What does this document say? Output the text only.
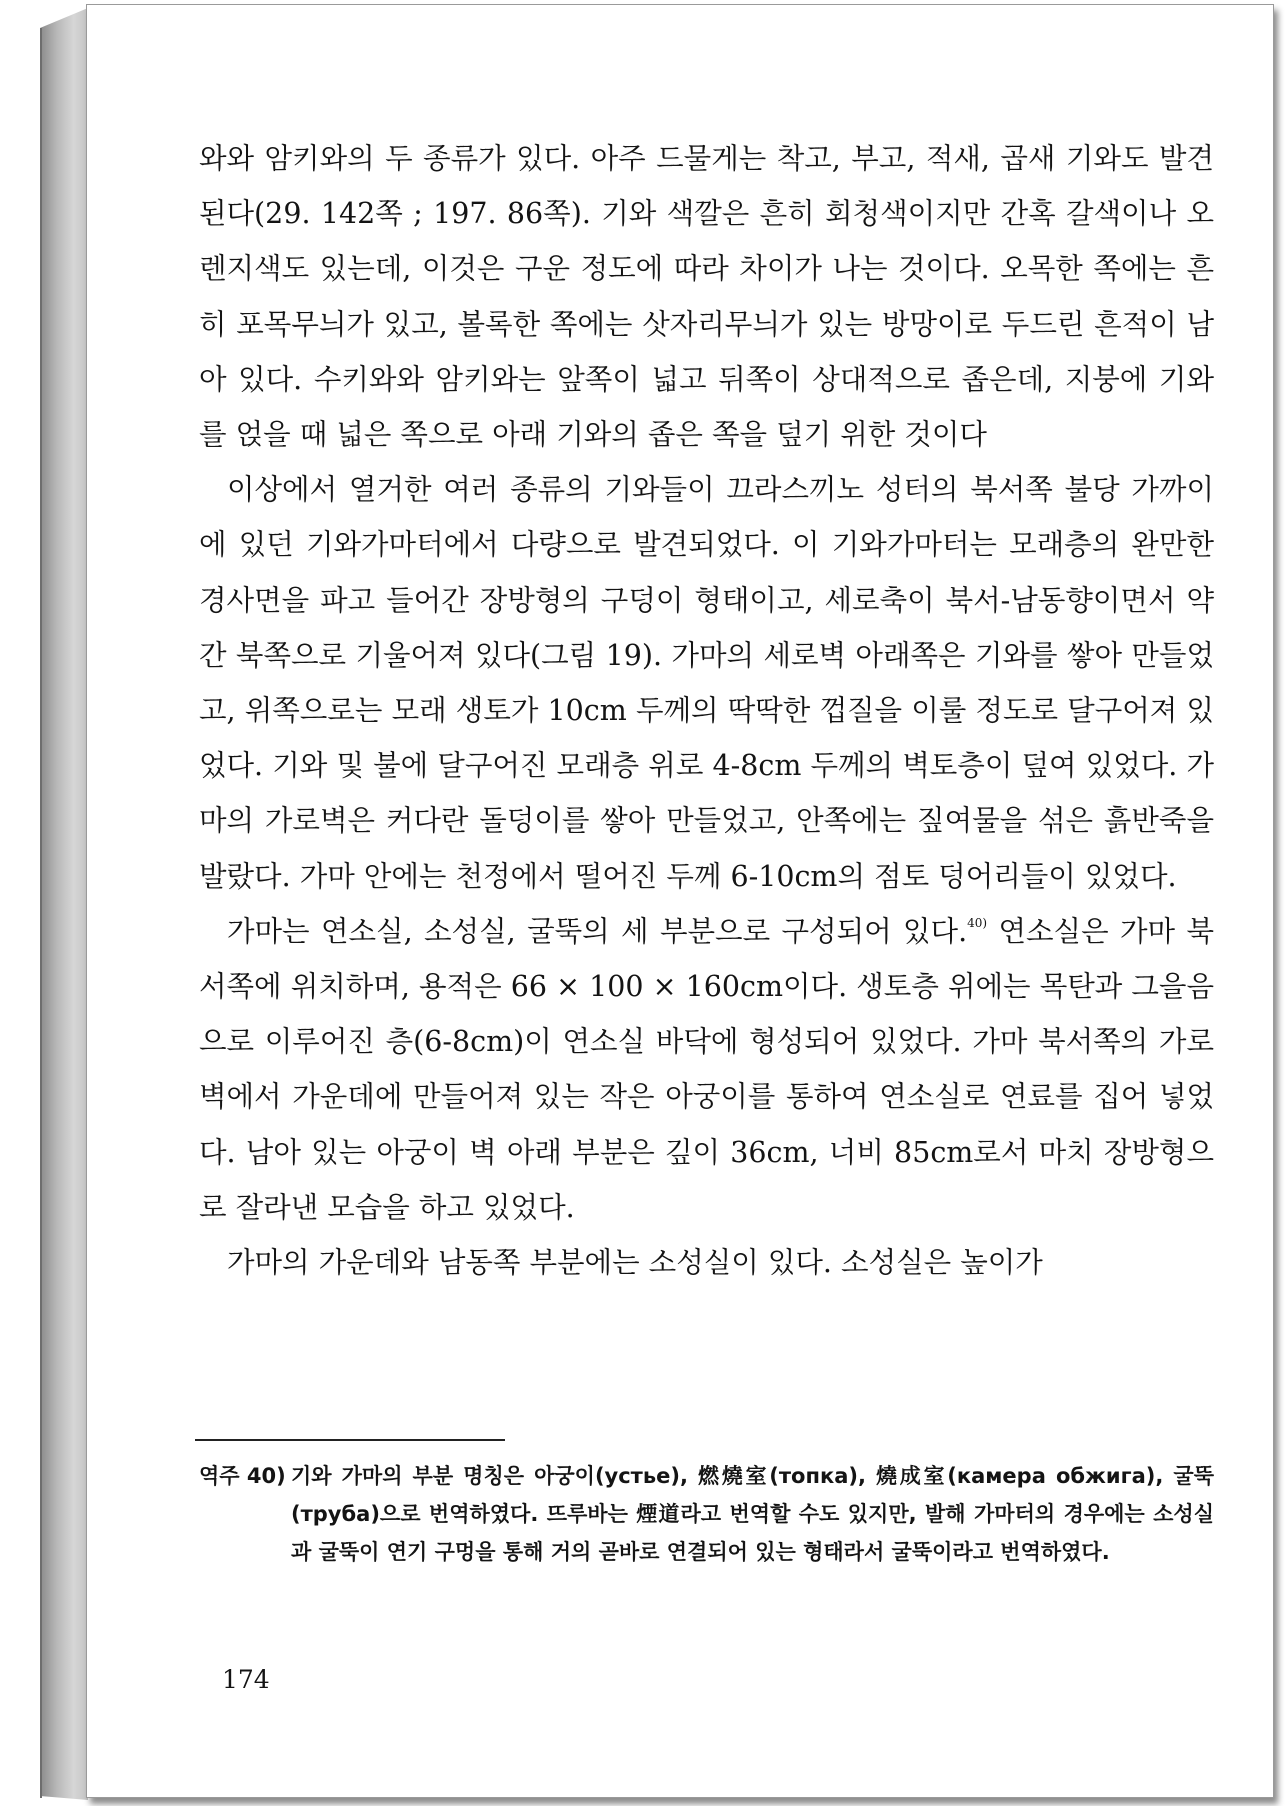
와와 암키와의 두 종류가 있다. 아주 드물게는 착고, 부고, 적새, 곱새 기와도 발견된다(29. 142쪽 ; 197. 86쪽). 기와 색깔은 흔히 회청색이지만 간혹 갈색이나 오렌지색도 있는데, 이것은 구운 정도에 따라 차이가 나는 것이다. 오목한 쪽에는 흔히 포목무늬가 있고, 볼록한 쪽에는 삿자리무늬가 있는 방망이로 두드린 흔적이 남아 있다. 수키와와 암키와는 앞쪽이 넓고 뒤쪽이 상대적으로 좁은데, 지붕에 기와를 얹을 때 넓은 쪽으로 아래 기와의 좁은 쪽을 덮기 위한 것이다

이상에서 열거한 여러 종류의 기와들이 끄라스끼노 성터의 북서쪽 불당 가까이에 있던 기와가마터에서 다량으로 발견되었다. 이 기와가마터는 모래층의 완만한 경사면을 파고 들어간 장방형의 구덩이 형태이고, 세로축이 북서-남동향이면서 약간 북쪽으로 기울어져 있다(그림 19). 가마의 세로벽 아래쪽은 기와를 쌓아 만들었고, 위쪽으로는 모래 생토가 10cm 두께의 딱딱한 껍질을 이룰 정도로 달구어져 있었다. 기와 및 불에 달구어진 모래층 위로 4-8cm 두께의 벽토층이 덮여 있었다. 가마의 가로벽은 커다란 돌덩이를 쌓아 만들었고, 안쪽에는 짚여물을 섞은 흙반죽을 발랐다. 가마 안에는 천정에서 떨어진 두께 6-10cm의 점토 덩어리들이 있었다.

가마는 연소실, 소성실, 굴뚝의 세 부분으로 구성되어 있다.$^{40)}$ 연소실은 가마 북서쪽에 위치하며, 용적은 66 × 100 × 160cm이다. 생토층 위에는 목탄과 그을음으로 이루어진 층(6-8cm)이 연소실 바닥에 형성되어 있었다. 가마 북서쪽의 가로벽에서 가운데에 만들어져 있는 작은 아궁이를 통하여 연소실로 연료를 집어 넣었다. 남아 있는 아궁이 벽 아래 부분은 깊이 36cm, 너비 85cm로서 마치 장방형으로 잘라낸 모습을 하고 있었다.

가마의 가운데와 남동쪽 부분에는 소성실이 있다. 소성실은 높이가

역주 40) 기와 가마의 부분 명칭은 아궁이(устье), 燃燒室(топка), 燒成室(камера обжига), 굴뚝(труба)으로 번역하였다. 뜨루바는 煙道라고 번역할 수도 있지만, 발해 가마터의 경우에는 소성실과 굴뚝이 연기 구멍을 통해 거의 곧바로 연결되어 있는 형태라서 굴뚝이라고 번역하였다.
174
